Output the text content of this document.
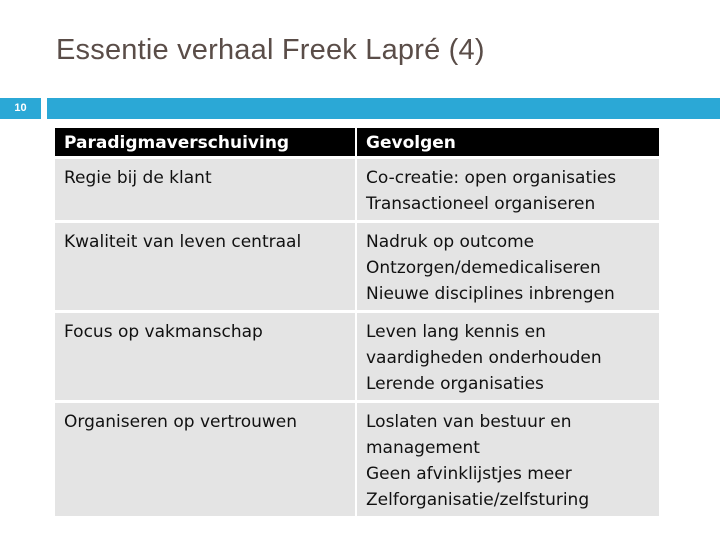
Essentie verhaal Freek Lapré (4)
10
Paradigmaverschuiving	Gevolgen

Regie bij de klant	Co-creatie: open organisaties
Transactioneel organiseren

Kwaliteit van leven centraal	Nadruk op outcome
Ontzorgen/demedicaliseren
Nieuwe disciplines inbrengen

Focus op vakmanschap	Leven lang kennis en
vaardigheden onderhouden
Lerende organisaties

Organiseren op vertrouwen	Loslaten van bestuur en
management
Geen afvinklijstjes meer
Zelforganisatie/zelfsturing
